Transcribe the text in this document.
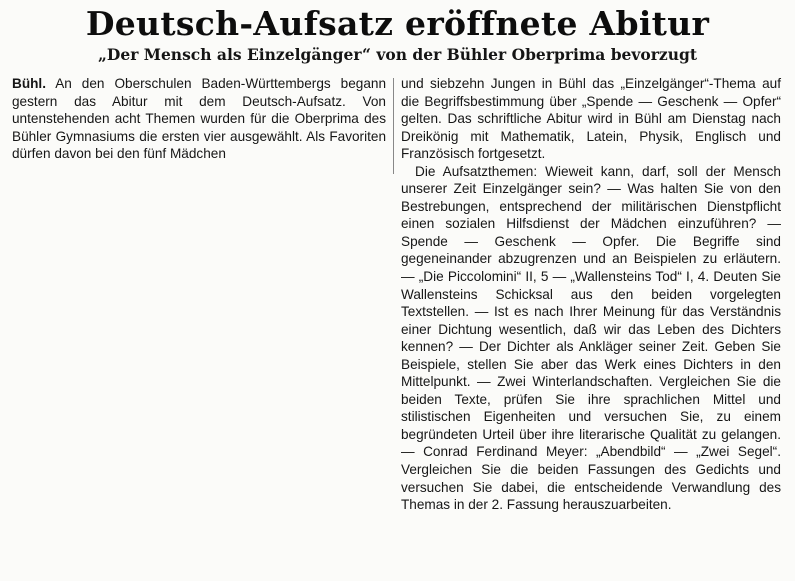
Deutsch-Aufsatz eröffnete Abitur
„Der Mensch als Einzelgänger“ von der Bühler Oberprima bevorzugt

Bühl. An den Oberschulen Baden-Württembergs begann gestern das Abitur mit dem Deutsch-Aufsatz. Von untenstehenden acht Themen wurden für die Oberprima des Bühler Gymnasiums die ersten vier ausgewählt. Als Favoriten dürfen davon bei den fünf Mädchen

und siebzehn Jungen in Bühl das „Einzelgänger“-Thema auf die Begriffsbestimmung über „Spende — Geschenk — Opfer“ gelten. Das schriftliche Abitur wird in Bühl am Dienstag nach Dreikönig mit Mathematik, Latein, Physik, Englisch und Französisch fortgesetzt.

Die Aufsatzthemen: Wieweit kann, darf, soll der Mensch unserer Zeit Einzelgänger sein? — Was halten Sie von den Bestrebungen, entsprechend der militärischen Dienstpflicht einen sozialen Hilfsdienst der Mädchen einzuführen? — Spende — Geschenk — Opfer. Die Begriffe sind gegeneinander abzugrenzen und an Beispielen zu erläutern. — „Die Piccolomini“ II, 5 — „Wallensteins Tod“ I, 4. Deuten Sie Wallensteins Schicksal aus den beiden vorgelegten Textstellen. — Ist es nach Ihrer Meinung für das Verständnis einer Dichtung wesentlich, daß wir das Leben des Dichters kennen? — Der Dichter als Ankläger seiner Zeit. Geben Sie Beispiele, stellen Sie aber das Werk eines Dichters in den Mittelpunkt. — Zwei Winterlandschaften. Vergleichen Sie die beiden Texte, prüfen Sie ihre sprachlichen Mittel und stilistischen Eigenheiten und versuchen Sie, zu einem begründeten Urteil über ihre literarische Qualität zu gelangen. — Conrad Ferdinand Meyer: „Abendbild“ — „Zwei Segel“. Vergleichen Sie die beiden Fassungen des Gedichts und versuchen Sie dabei, die entscheidende Verwandlung des Themas in der 2. Fassung herauszuarbeiten.
